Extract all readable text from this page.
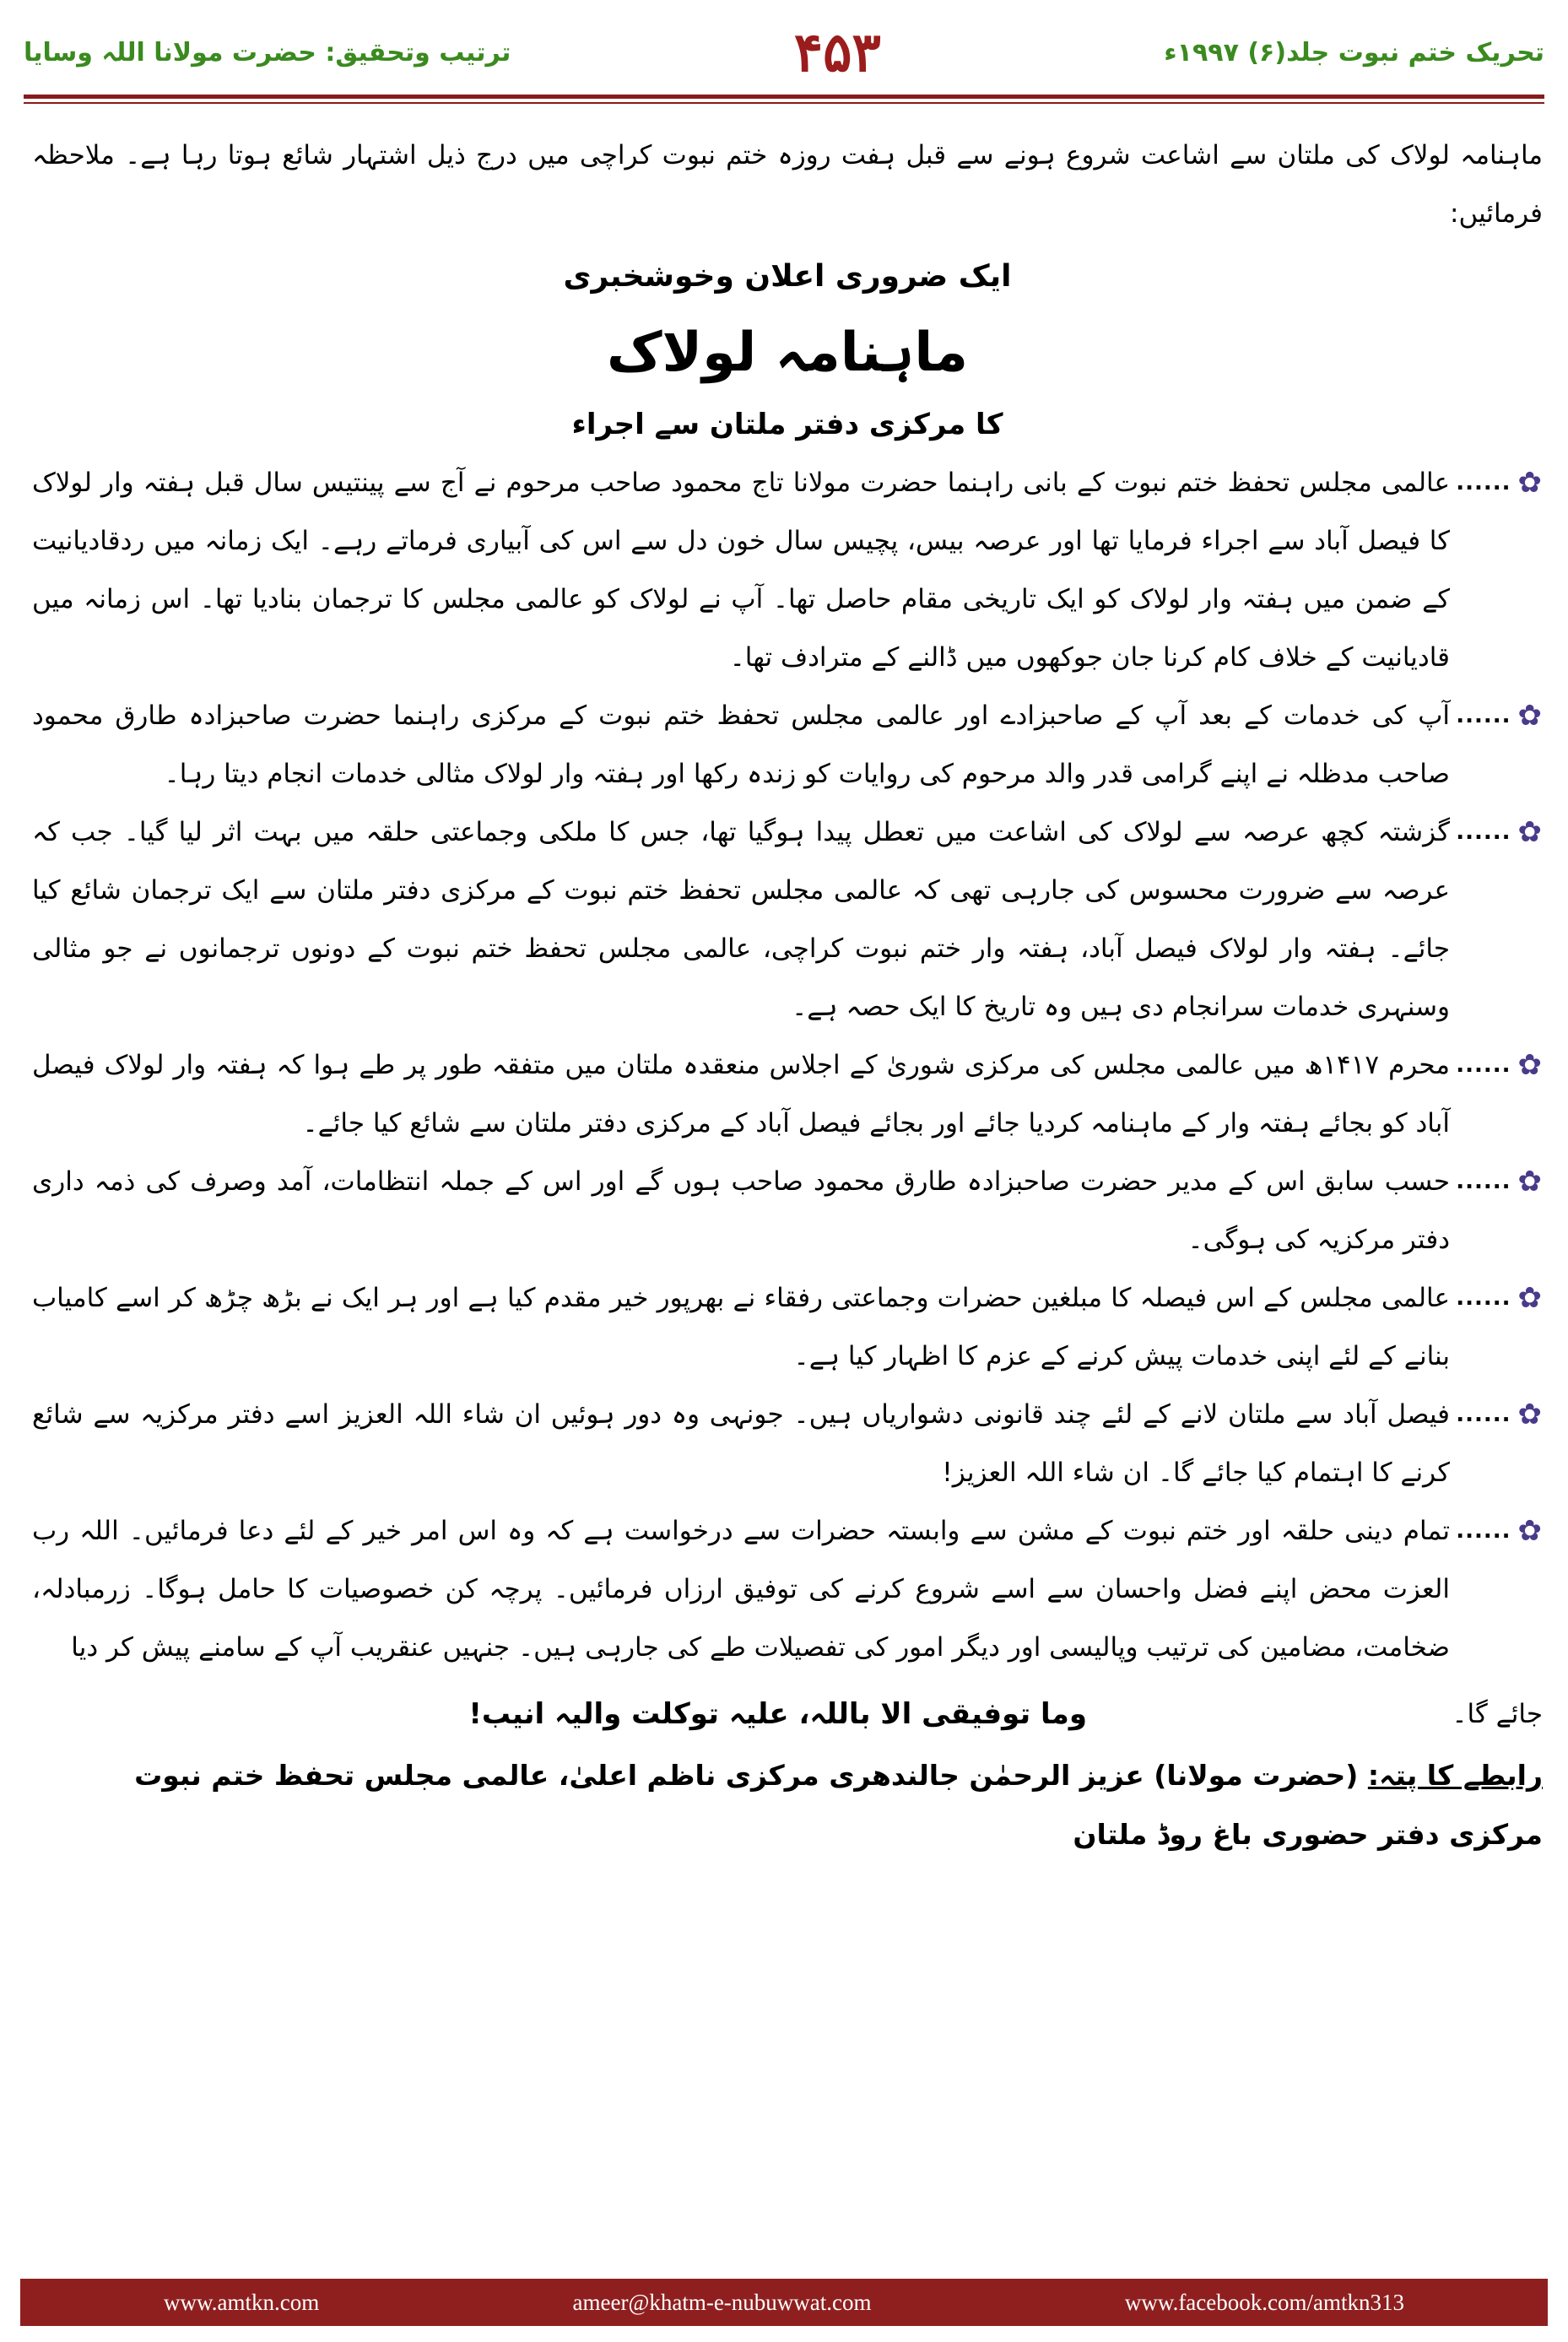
ترتیب وتحقیق: حضرت مولانا اللہ وسایا	۴۵۳	تحریک ختم نبوت جلد(۶) ۱۹۹۷ء

ماہنامہ لولاک کی ملتان سے اشاعت شروع ہونے سے قبل ہفت روزہ ختم نبوت کراچی میں درج ذیل اشتہار شائع ہوتا رہا ہے۔ ملاحظہ فرمائیں:

ایک ضروری اعلان وخوشخبری

ماہنامہ لولاک

کا مرکزی دفتر ملتان سے اجراء

...... ✿
عالمی مجلس تحفظ ختم نبوت کے بانی راہنما حضرت مولانا تاج محمود صاحب مرحوم نے آج سے پینتیس سال قبل ہفتہ وار لولاک کا فیصل آباد سے اجراء فرمایا تھا اور عرصہ بیس، پچیس سال خون دل سے اس کی آبیاری فرماتے رہے۔ ایک زمانہ میں ردقادیانیت کے ضمن میں ہفتہ وار لولاک کو ایک تاریخی مقام حاصل تھا۔ آپ نے لولاک کو عالمی مجلس کا ترجمان بنادیا تھا۔ اس زمانہ میں قادیانیت کے خلاف کام کرنا جان جوکھوں میں ڈالنے کے مترادف تھا۔

...... ✿
آپ کی خدمات کے بعد آپ کے صاحبزادے اور عالمی مجلس تحفظ ختم نبوت کے مرکزی راہنما حضرت صاحبزادہ طارق محمود صاحب مدظلہ نے اپنے گرامی قدر والد مرحوم کی روایات کو زندہ رکھا اور ہفتہ وار لولاک مثالی خدمات انجام دیتا رہا۔

...... ✿
گزشتہ کچھ عرصہ سے لولاک کی اشاعت میں تعطل پیدا ہوگیا تھا، جس کا ملکی وجماعتی حلقہ میں بہت اثر لیا گیا۔ جب کہ عرصہ سے ضرورت محسوس کی جارہی تھی کہ عالمی مجلس تحفظ ختم نبوت کے مرکزی دفتر ملتان سے ایک ترجمان شائع کیا جائے۔ ہفتہ وار لولاک فیصل آباد، ہفتہ وار ختم نبوت کراچی، عالمی مجلس تحفظ ختم نبوت کے دونوں ترجمانوں نے جو مثالی وسنہری خدمات سرانجام دی ہیں وہ تاریخ کا ایک حصہ ہے۔

...... ✿
محرم ۱۴۱۷ھ میں عالمی مجلس کی مرکزی شوریٰ کے اجلاس منعقدہ ملتان میں متفقہ طور پر طے ہوا کہ ہفتہ وار لولاک فیصل آباد کو بجائے ہفتہ وار کے ماہنامہ کردیا جائے اور بجائے فیصل آباد کے مرکزی دفتر ملتان سے شائع کیا جائے۔

...... ✿
حسب سابق اس کے مدیر حضرت صاحبزادہ طارق محمود صاحب ہوں گے اور اس کے جملہ انتظامات، آمد وصرف کی ذمہ داری دفتر مرکزیہ کی ہوگی۔

...... ✿
عالمی مجلس کے اس فیصلہ کا مبلغین حضرات وجماعتی رفقاء نے بھرپور خیر مقدم کیا ہے اور ہر ایک نے بڑھ چڑھ کر اسے کامیاب بنانے کے لئے اپنی خدمات پیش کرنے کے عزم کا اظہار کیا ہے۔

...... ✿
فیصل آباد سے ملتان لانے کے لئے چند قانونی دشواریاں ہیں۔ جونہی وہ دور ہوئیں ان شاء اللہ العزیز اسے دفتر مرکزیہ سے شائع کرنے کا اہتمام کیا جائے گا۔ ان شاء اللہ العزیز!

...... ✿
تمام دینی حلقہ اور ختم نبوت کے مشن سے وابستہ حضرات سے درخواست ہے کہ وہ اس امر خیر کے لئے دعا فرمائیں۔ اللہ رب العزت محض اپنے فضل واحسان سے اسے شروع کرنے کی توفیق ارزاں فرمائیں۔ پرچہ کن خصوصیات کا حامل ہوگا۔ زرمبادلہ، ضخامت، مضامین کی ترتیب وپالیسی اور دیگر امور کی تفصیلات طے کی جارہی ہیں۔ جنہیں عنقریب آپ کے سامنے پیش کر دیا

جائے گا۔
وما توفیقی الا باللہ، علیہ توکلت والیہ انیب!

رابطے کا پتہ: (حضرت مولانا) عزیز الرحمٰن جالندھری مرکزی ناظم اعلیٰ، عالمی مجلس تحفظ ختم نبوت مرکزی دفتر حضوری باغ روڈ ملتان

www.amtkn.com	ameer@khatm-e-nubuwwat.com	www.facebook.com/amtkn313
